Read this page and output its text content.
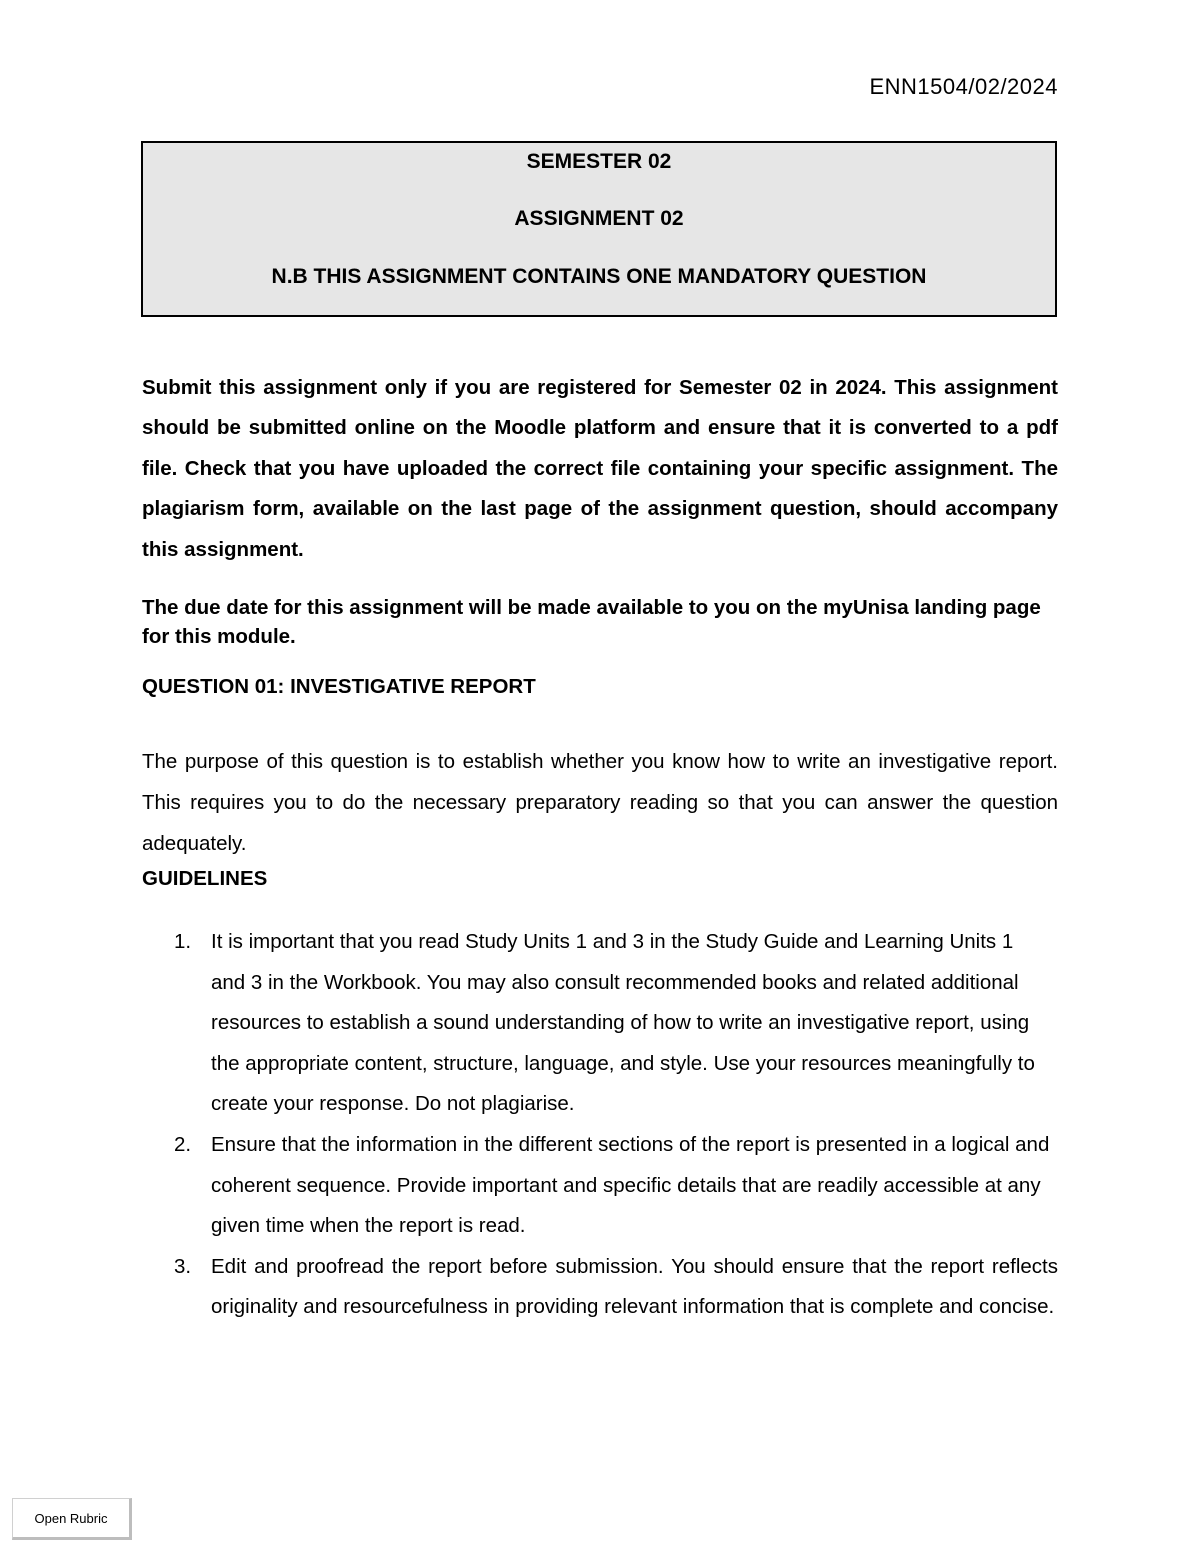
ENN1504/02/2024
SEMESTER 02
ASSIGNMENT 02
N.B THIS ASSIGNMENT CONTAINS ONE MANDATORY QUESTION

Submit this assignment only if you are registered for Semester 02 in 2024. This assignment should be submitted online on the Moodle platform and ensure that it is converted to a pdf file. Check that you have uploaded the correct file containing your specific assignment. The plagiarism form, available on the last page of the assignment question, should accompany this assignment.

The due date for this assignment will be made available to you on the myUnisa landing page for this module.

QUESTION 01: INVESTIGATIVE REPORT

The purpose of this question is to establish whether you know how to write an investigative report. This requires you to do the necessary preparatory reading so that you can answer the question adequately.

GUIDELINES
1. It is important that you read Study Units 1 and 3 in the Study Guide and Learning Units 1 and 3 in the Workbook. You may also consult recommended books and related additional resources to establish a sound understanding of how to write an investigative report, using the appropriate content, structure, language, and style. Use your resources meaningfully to create your response. Do not plagiarise.
2. Ensure that the information in the different sections of the report is presented in a logical and coherent sequence. Provide important and specific details that are readily accessible at any given time when the report is read.
3. Edit and proofread the report before submission. You should ensure that the report reflects originality and resourcefulness in providing relevant information that is complete and concise.
Open Rubric
